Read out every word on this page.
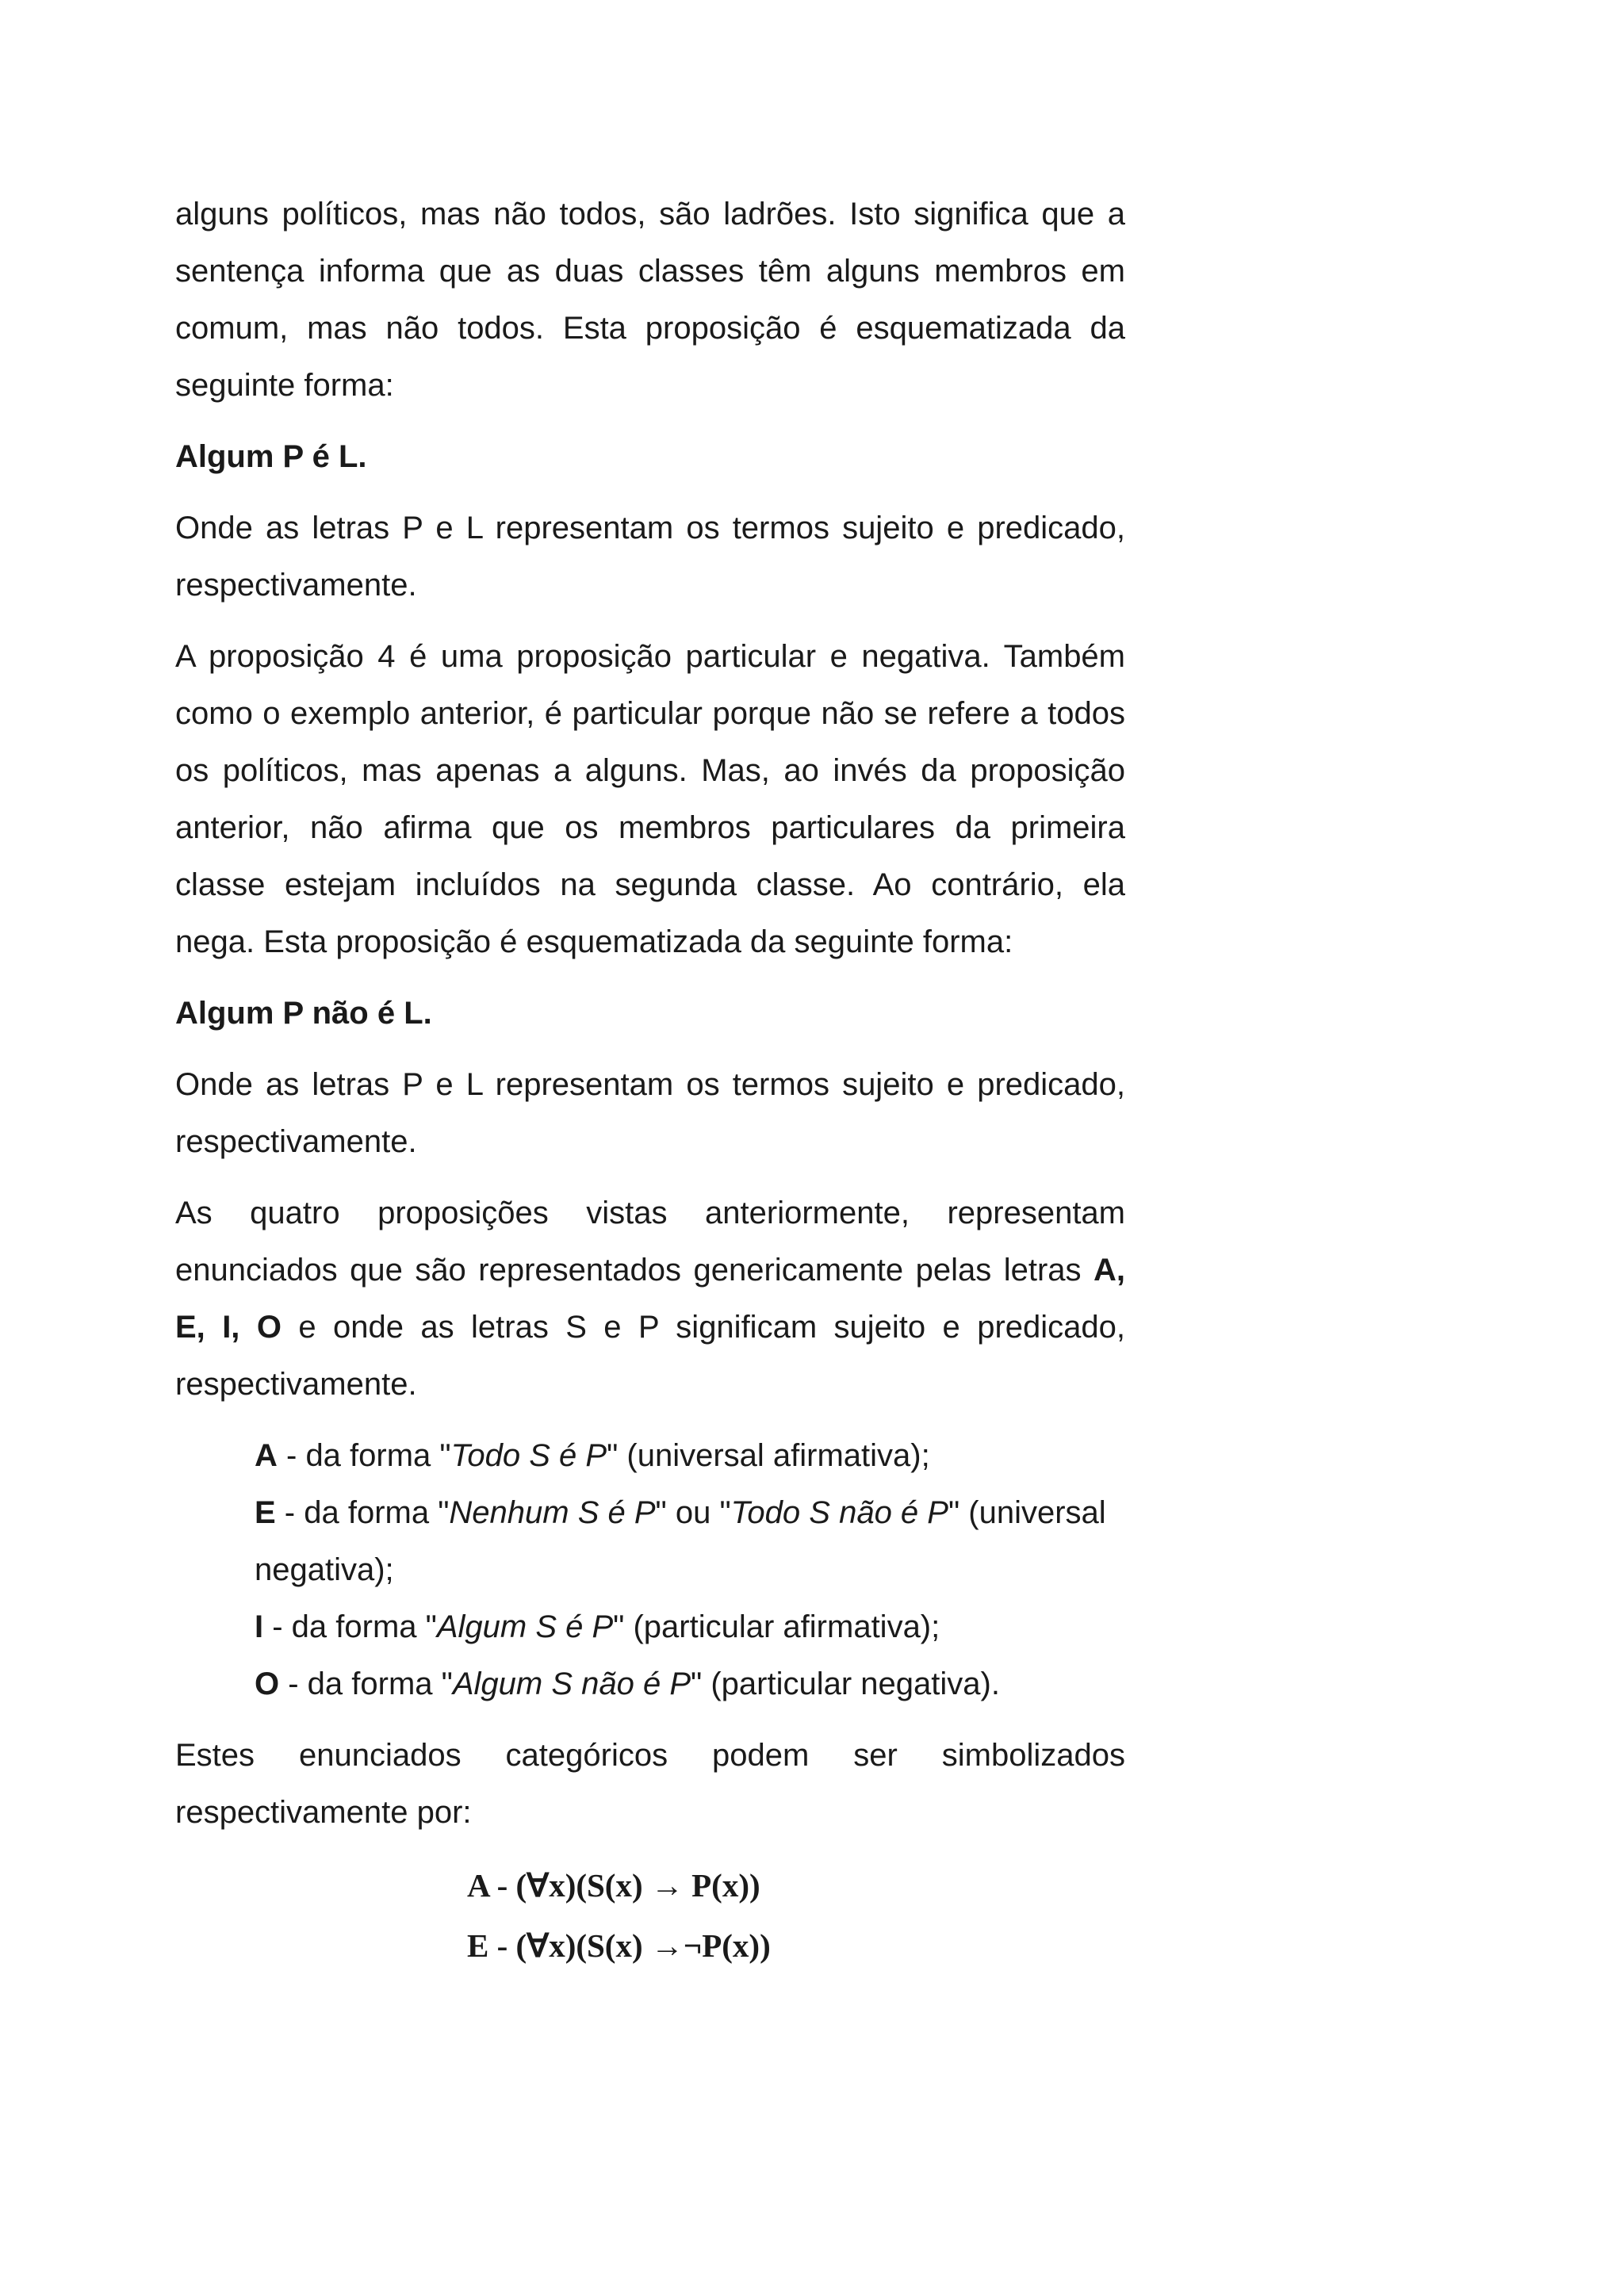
alguns políticos, mas não todos, são ladrões. Isto significa que a sentença informa que as duas classes têm alguns membros em comum, mas não todos. Esta proposição é esquematizada da seguinte forma:

Algum P é L.

Onde as letras P e L representam os termos sujeito e predicado, respectivamente.

A proposição 4 é uma proposição particular e negativa. Também como o exemplo anterior, é particular porque não se refere a todos os políticos, mas apenas a alguns. Mas, ao invés da proposição anterior, não afirma que os membros particulares da primeira classe estejam incluídos na segunda classe. Ao contrário, ela nega. Esta proposição é esquematizada da seguinte forma:

Algum P não é L.

Onde as letras P e L representam os termos sujeito e predicado, respectivamente.

As quatro proposições vistas anteriormente, representam enunciados que são representados genericamente pelas letras A, E, I, O e onde as letras S e P significam sujeito e predicado, respectivamente.

A - da forma "Todo S é P" (universal afirmativa);

E - da forma "Nenhum S é P" ou "Todo S não é P" (universal negativa);

I - da forma "Algum S é P" (particular afirmativa);

O - da forma "Algum S não é P" (particular negativa).

Estes enunciados categóricos podem ser simbolizados respectivamente por:

A - (∀x)(S(x) → P(x))

E - (∀x)(S(x) →¬P(x))
